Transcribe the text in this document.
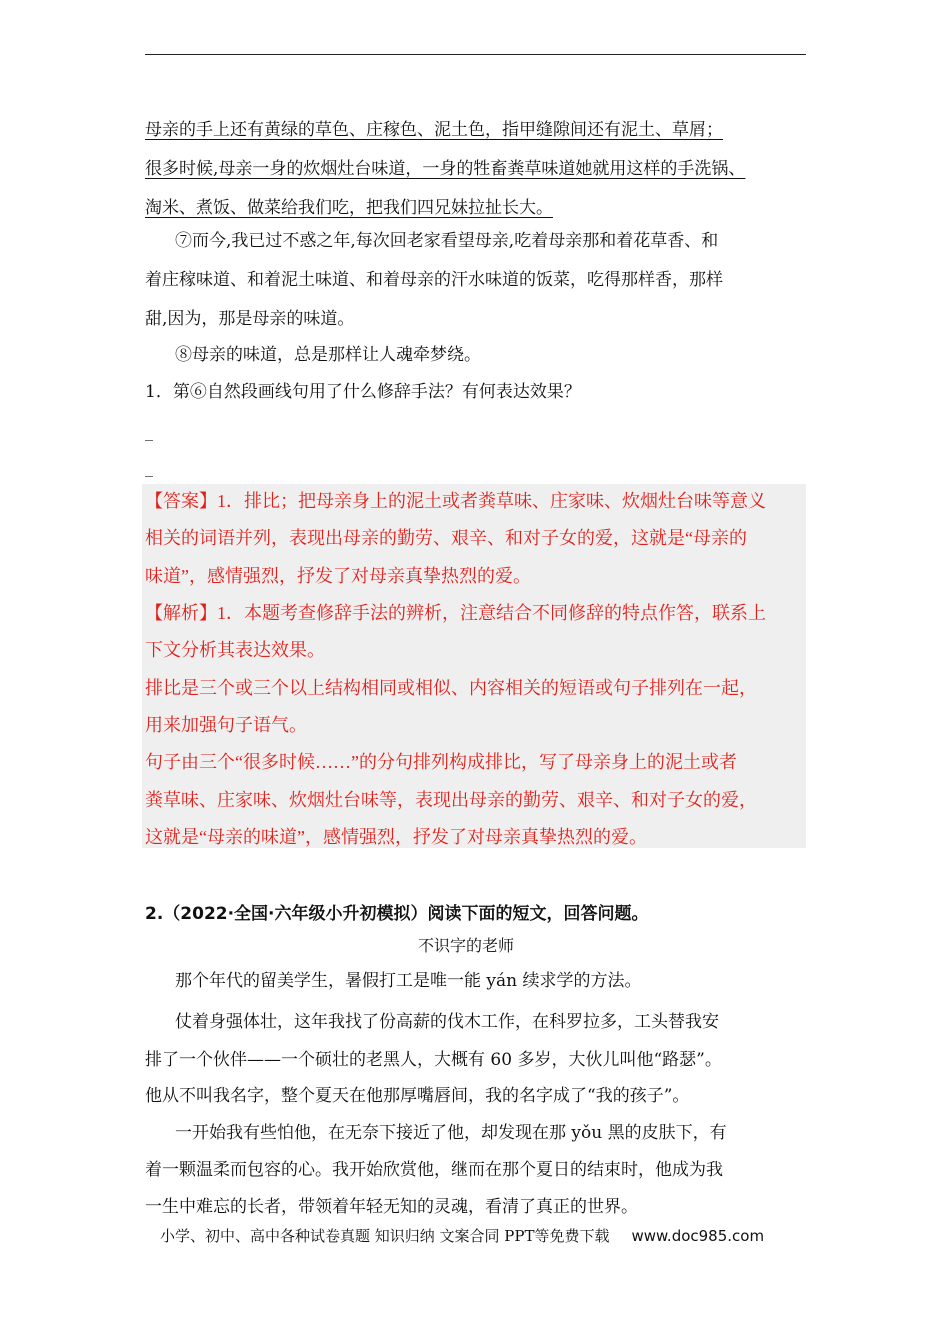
母亲的手上还有黄绿的草色、庄稼色、泥土色，指甲缝隙间还有泥土、草屑；
很多时候,母亲一身的炊烟灶台味道，一身的牲畜粪草味道她就用这样的手洗锅、
淘米、煮饭、做菜给我们吃，把我们四兄妹拉扯长大。
⑦而今,我已过不惑之年,每次回老家看望母亲,吃着母亲那和着花草香、和
着庄稼味道、和着泥土味道、和着母亲的汗水味道的饭菜，吃得那样香，那样
甜,因为，那是母亲的味道。
⑧母亲的味道，总是那样让人魂牵梦绕。
1．第⑥自然段画线句用了什么修辞手法？有何表达效果？
_
_
【答案】1．排比；把母亲身上的泥土或者粪草味、庄家味、炊烟灶台味等意义
相关的词语并列，表现出母亲的勤劳、艰辛、和对子女的爱，这就是“母亲的
味道”，感情强烈，抒发了对母亲真挚热烈的爱。
【解析】1．本题考查修辞手法的辨析，注意结合不同修辞的特点作答，联系上
下文分析其表达效果。
排比是三个或三个以上结构相同或相似、内容相关的短语或句子排列在一起，
用来加强句子语气。
句子由三个“很多时候……”的分句排列构成排比，写了母亲身上的泥土或者
粪草味、庄家味、炊烟灶台味等，表现出母亲的勤劳、艰辛、和对子女的爱，
这就是“母亲的味道”，感情强烈，抒发了对母亲真挚热烈的爱。
2.（2022·全国·六年级小升初模拟）阅读下面的短文，回答问题。
不识字的老师
那个年代的留美学生，暑假打工是唯一能 yán 续求学的方法。
仗着身强体壮，这年我找了份高薪的伐木工作，在科罗拉多，工头替我安
排了一个伙伴——一个硕壮的老黑人，大概有 60 多岁，大伙儿叫他“路瑟”。
他从不叫我名字，整个夏天在他那厚嘴唇间，我的名字成了“我的孩子”。
一开始我有些怕他，在无奈下接近了他，却发现在那 yǒu 黑的皮肤下，有
着一颗温柔而包容的心。我开始欣赏他，继而在那个夏日的结束时，他成为我
一生中难忘的长者，带领着年轻无知的灵魂，看清了真正的世界。
小学、初中、高中各种试卷真题 知识归纳 文案合同 PPT等免费下载 www.doc985.com
